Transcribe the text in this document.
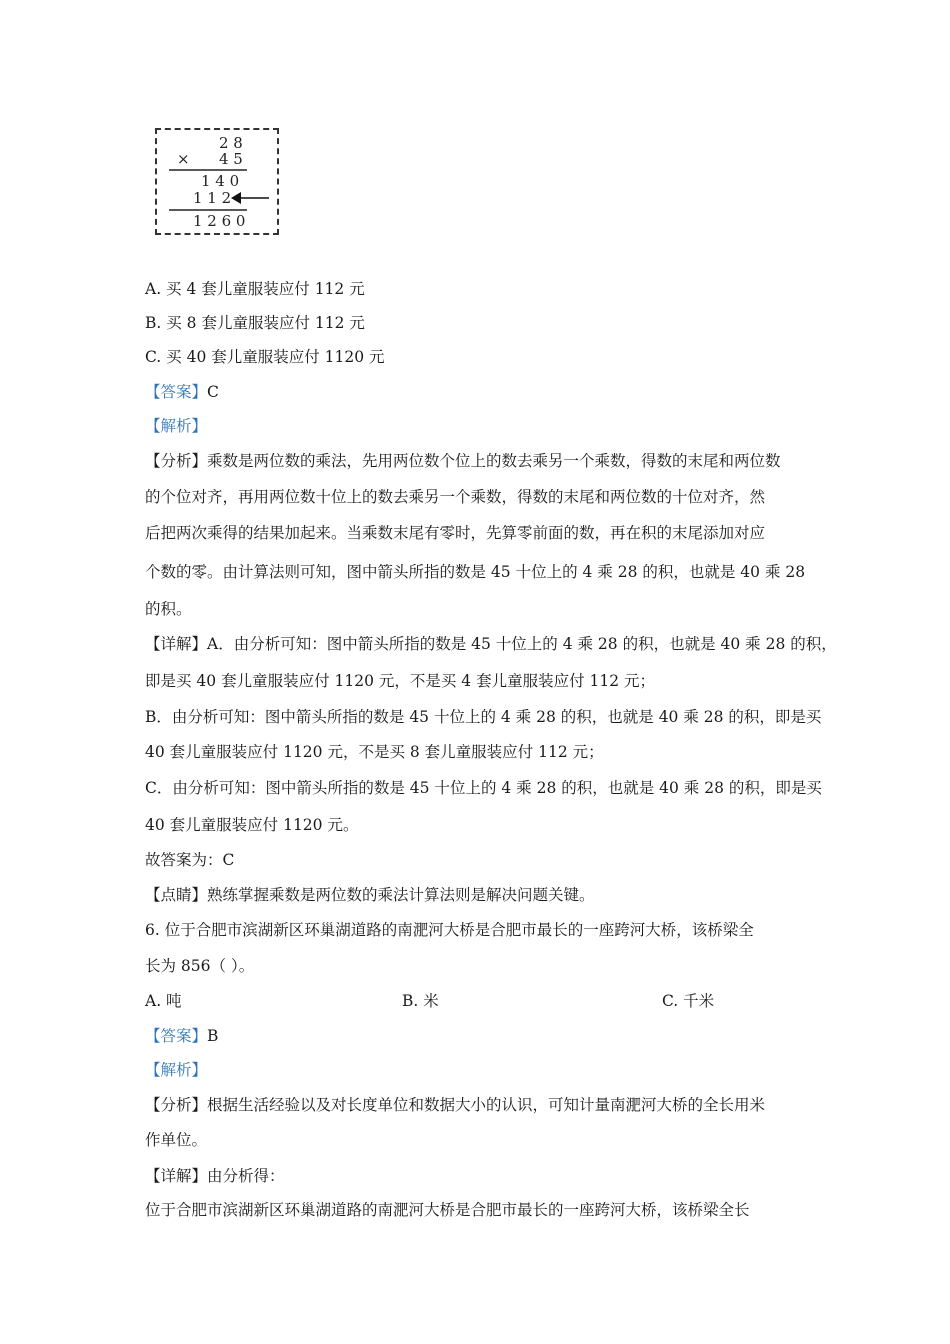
2 8
× 4 5
1 4 0
1 1 2
1 2 6 0
A. 买 4 套儿童服装应付 112 元
B. 买 8 套儿童服装应付 112 元
C. 买 40 套儿童服装应付 1120 元
【答案】C
【解析】
【分析】乘数是两位数的乘法，先用两位数个位上的数去乘另一个乘数，得数的末尾和两位数
的个位对齐，再用两位数十位上的数去乘另一个乘数，得数的末尾和两位数的十位对齐，然
后把两次乘得的结果加起来。当乘数末尾有零时，先算零前面的数，再在积的末尾添加对应
个数的零。由计算法则可知，图中箭头所指的数是 45 十位上的 4 乘 28 的积，也就是 40 乘 28
的积。
【详解】A．由分析可知：图中箭头所指的数是 45 十位上的 4 乘 28 的积，也就是 40 乘 28 的积，
即是买 40 套儿童服装应付 1120 元，不是买 4 套儿童服装应付 112 元；
B．由分析可知：图中箭头所指的数是 45 十位上的 4 乘 28 的积，也就是 40 乘 28 的积，即是买
40 套儿童服装应付 1120 元，不是买 8 套儿童服装应付 112 元；
C．由分析可知：图中箭头所指的数是 45 十位上的 4 乘 28 的积，也就是 40 乘 28 的积，即是买
40 套儿童服装应付 1120 元。
故答案为：C
【点睛】熟练掌握乘数是两位数的乘法计算法则是解决问题关键。
6. 位于合肥市滨湖新区环巢湖道路的南淝河大桥是合肥市最长的一座跨河大桥，该桥梁全
长为 856（ ）。
A. 吨	B. 米	C. 千米
【答案】B
【解析】
【分析】根据生活经验以及对长度单位和数据大小的认识，可知计量南淝河大桥的全长用米
作单位。
【详解】由分析得：
位于合肥市滨湖新区环巢湖道路的南淝河大桥是合肥市最长的一座跨河大桥，该桥梁全长
